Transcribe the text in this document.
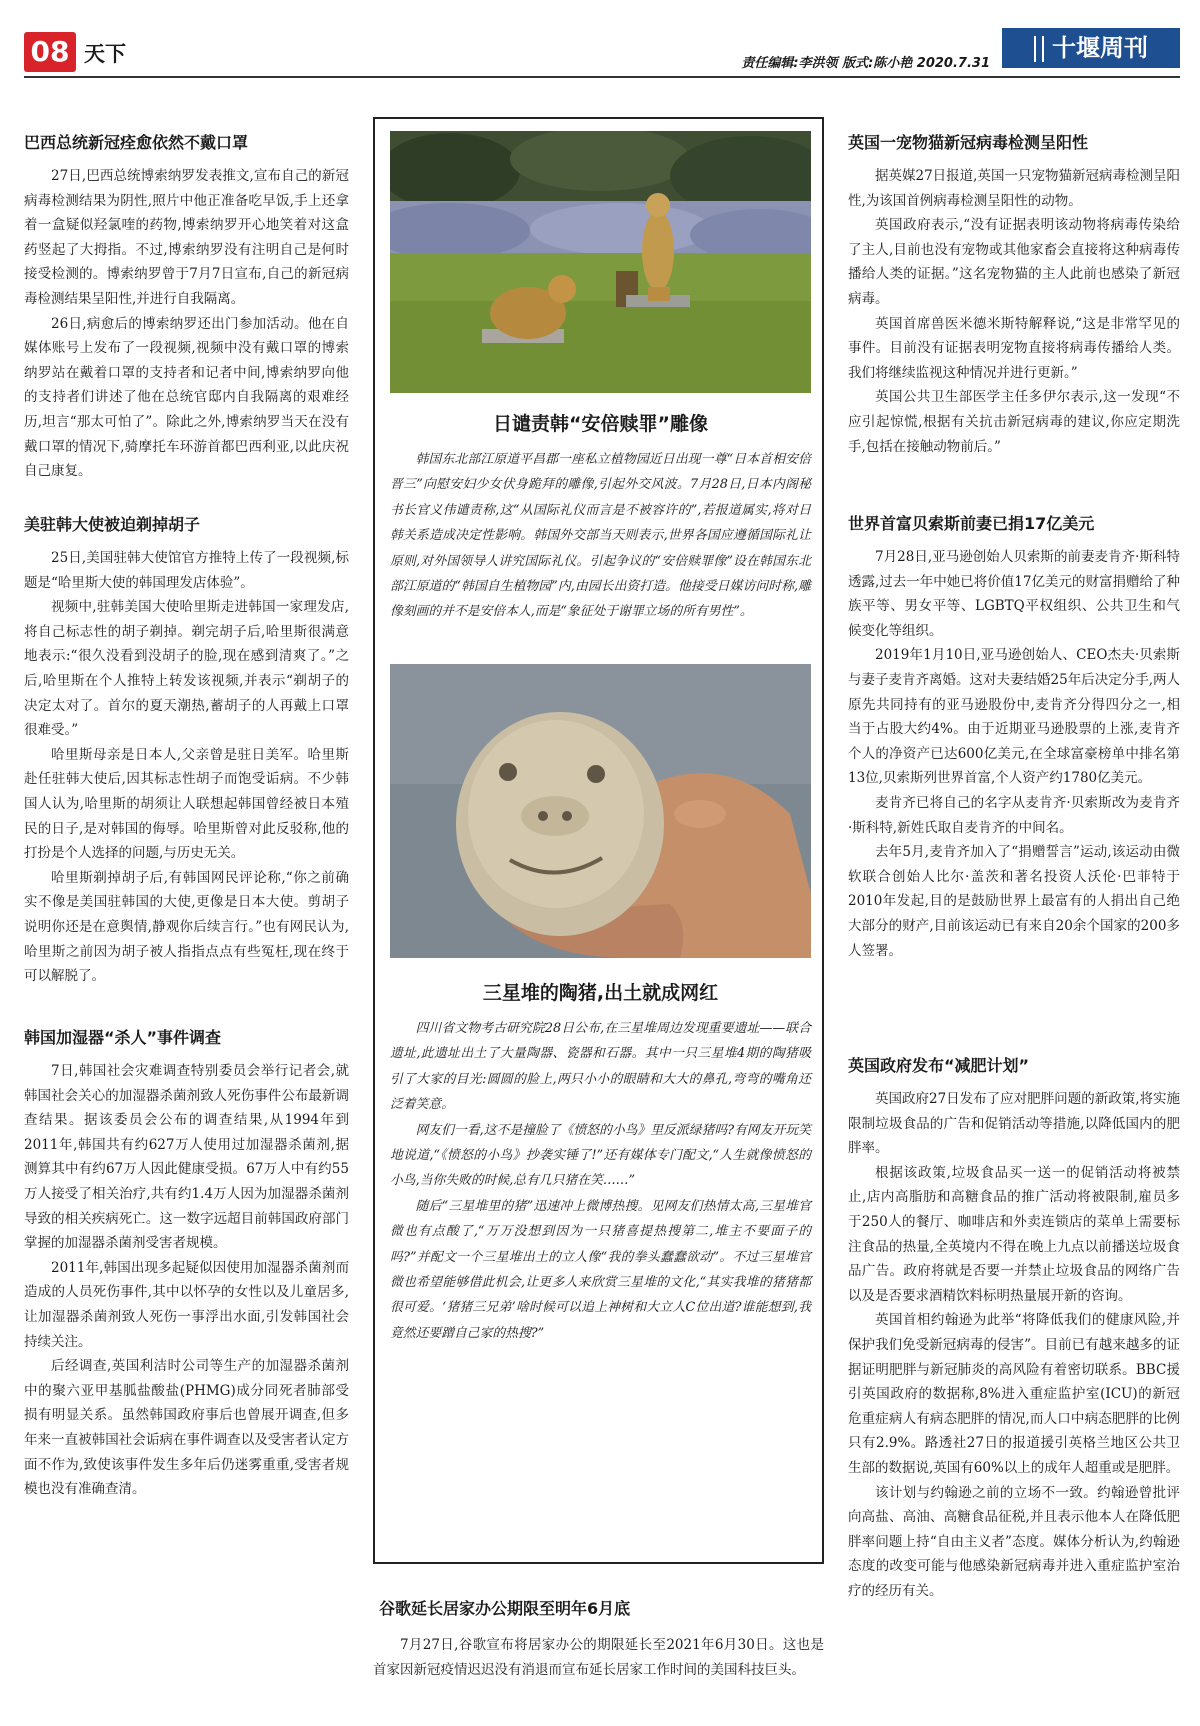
08 天下	责任编辑:李洪领 版式:陈小艳 2020.7.31
十堰周刊
巴西总统新冠痊愈依然不戴口罩

27日,巴西总统博索纳罗发表推文,宣布自己的新冠病毒检测结果为阴性,照片中他正准备吃早饭,手上还拿着一盒疑似羟氯喹的药物,博索纳罗开心地笑着对这盒药竖起了大拇指。不过,博索纳罗没有注明自己是何时接受检测的。博索纳罗曾于7月7日宣布,自己的新冠病毒检测结果呈阳性,并进行自我隔离。

26日,病愈后的博索纳罗还出门参加活动。他在自媒体账号上发布了一段视频,视频中没有戴口罩的博索纳罗站在戴着口罩的支持者和记者中间,博索纳罗向他的支持者们讲述了他在总统官邸内自我隔离的艰难经历,坦言“那太可怕了”。除此之外,博索纳罗当天在没有戴口罩的情况下,骑摩托车环游首都巴西利亚,以此庆祝自己康复。

美驻韩大使被迫剃掉胡子

25日,美国驻韩大使馆官方推特上传了一段视频,标题是“哈里斯大使的韩国理发店体验”。

视频中,驻韩美国大使哈里斯走进韩国一家理发店,将自己标志性的胡子剃掉。剃完胡子后,哈里斯很满意地表示:“很久没看到没胡子的脸,现在感到清爽了。”之后,哈里斯在个人推特上转发该视频,并表示“剃胡子的决定太对了。首尔的夏天潮热,蓄胡子的人再戴上口罩很难受。”

哈里斯母亲是日本人,父亲曾是驻日美军。哈里斯赴任驻韩大使后,因其标志性胡子而饱受诟病。不少韩国人认为,哈里斯的胡须让人联想起韩国曾经被日本殖民的日子,是对韩国的侮辱。哈里斯曾对此反驳称,他的打扮是个人选择的问题,与历史无关。

哈里斯剃掉胡子后,有韩国网民评论称,“你之前确实不像是美国驻韩国的大使,更像是日本大使。剪胡子说明你还是在意舆情,静观你后续言行。”也有网民认为,哈里斯之前因为胡子被人指指点点有些冤枉,现在终于可以解脱了。

韩国加湿器“杀人”事件调查

7日,韩国社会灾难调查特别委员会举行记者会,就韩国社会关心的加湿器杀菌剂致人死伤事件公布最新调查结果。据该委员会公布的调查结果,从1994年到2011年,韩国共有约627万人使用过加湿器杀菌剂,据测算其中有约67万人因此健康受损。67万人中有约55万人接受了相关治疗,共有约1.4万人因为加湿器杀菌剂导致的相关疾病死亡。这一数字远超目前韩国政府部门掌握的加湿器杀菌剂受害者规模。

2011年,韩国出现多起疑似因使用加湿器杀菌剂而造成的人员死伤事件,其中以怀孕的女性以及儿童居多,让加湿器杀菌剂致人死伤一事浮出水面,引发韩国社会持续关注。

后经调查,英国利洁时公司等生产的加湿器杀菌剂中的聚六亚甲基胍盐酸盐(PHMG)成分同死者肺部受损有明显关系。虽然韩国政府事后也曾展开调查,但多年来一直被韩国社会诟病在事件调查以及受害者认定方面不作为,致使该事件发生多年后仍迷雾重重,受害者规模也没有准确查清。

日谴责韩“安倍赎罪”雕像

韩国东北部江原道平昌郡一座私立植物园近日出现一尊“日本首相安倍晋三”向慰安妇少女伏身跪拜的雕像,引起外交风波。7月28日,日本内阁秘书长官义伟谴责称,这“从国际礼仪而言是不被容许的”,若报道属实,将对日韩关系造成决定性影响。韩国外交部当天则表示,世界各国应遵循国际礼让原则,对外国领导人讲究国际礼仪。引起争议的“安倍赎罪像”设在韩国东北部江原道的“韩国自生植物园”内,由园长出资打造。他接受日媒访问时称,雕像刻画的并不是安倍本人,而是“象征处于谢罪立场的所有男性”。

三星堆的陶猪,出土就成网红

四川省文物考古研究院28日公布,在三星堆周边发现重要遗址——联合遗址,此遗址出土了大量陶器、瓷器和石器。其中一只三星堆4期的陶猪吸引了大家的目光:圆圆的脸上,两只小小的眼睛和大大的鼻孔,弯弯的嘴角还泛着笑意。

网友们一看,这不是撞脸了《愤怒的小鸟》里反派绿猪吗?有网友开玩笑地说道,“《愤怒的小鸟》抄袭实锤了!”还有媒体专门配文,“人生就像愤怒的小鸟,当你失败的时候,总有几只猪在笑……”

随后“三星堆里的猪”迅速冲上微博热搜。见网友们热情太高,三星堆官微也有点酸了,“万万没想到因为一只猪喜提热搜第二,堆主不要面子的吗?”并配文一个三星堆出土的立人像“我的拳头蠢蠢欲动”。不过三星堆官微也希望能够借此机会,让更多人来欣赏三星堆的文化,“其实我堆的猪猪都很可爱。‘猪猪三兄弟’啥时候可以追上神树和大立人C位出道?谁能想到,我竟然还要蹭自己家的热搜?”

谷歌延长居家办公期限至明年6月底

7月27日,谷歌宣布将居家办公的期限延长至2021年6月30日。这也是首家因新冠疫情迟迟没有消退而宣布延长居家工作时间的美国科技巨头。

英国一宠物猫新冠病毒检测呈阳性

据英媒27日报道,英国一只宠物猫新冠病毒检测呈阳性,为该国首例病毒检测呈阳性的动物。

英国政府表示,“没有证据表明该动物将病毒传染给了主人,目前也没有宠物或其他家畜会直接将这种病毒传播给人类的证据。”这名宠物猫的主人此前也感染了新冠病毒。

英国首席兽医米德米斯特解释说,“这是非常罕见的事件。目前没有证据表明宠物直接将病毒传播给人类。我们将继续监视这种情况并进行更新。”

英国公共卫生部医学主任多伊尔表示,这一发现“不应引起惊慌,根据有关抗击新冠病毒的建议,你应定期洗手,包括在接触动物前后。”

世界首富贝索斯前妻已捐17亿美元

7月28日,亚马逊创始人贝索斯的前妻麦肯齐·斯科特透露,过去一年中她已将价值17亿美元的财富捐赠给了种族平等、男女平等、LGBTQ平权组织、公共卫生和气候变化等组织。

2019年1月10日,亚马逊创始人、CEO杰夫·贝索斯与妻子麦肯齐离婚。这对夫妻结婚25年后决定分手,两人原先共同持有的亚马逊股份中,麦肯齐分得四分之一,相当于占股大约4%。由于近期亚马逊股票的上涨,麦肯齐个人的净资产已达600亿美元,在全球富豪榜单中排名第13位,贝索斯列世界首富,个人资产约1780亿美元。

麦肯齐已将自己的名字从麦肯齐·贝索斯改为麦肯齐·斯科特,新姓氏取自麦肯齐的中间名。

去年5月,麦肯齐加入了“捐赠誓言”运动,该运动由微软联合创始人比尔·盖茨和著名投资人沃伦·巴菲特于2010年发起,目的是鼓励世界上最富有的人捐出自己绝大部分的财产,目前该运动已有来自20余个国家的200多人签署。

英国政府发布“减肥计划”

英国政府27日发布了应对肥胖问题的新政策,将实施限制垃圾食品的广告和促销活动等措施,以降低国内的肥胖率。

根据该政策,垃圾食品买一送一的促销活动将被禁止,店内高脂肪和高糖食品的推广活动将被限制,雇员多于250人的餐厅、咖啡店和外卖连锁店的菜单上需要标注食品的热量,全英境内不得在晚上九点以前播送垃圾食品广告。政府将就是否要一并禁止垃圾食品的网络广告以及是否要求酒精饮料标明热量展开新的咨询。

英国首相约翰逊为此举“将降低我们的健康风险,并保护我们免受新冠病毒的侵害”。目前已有越来越多的证据证明肥胖与新冠肺炎的高风险有着密切联系。BBC援引英国政府的数据称,8%进入重症监护室(ICU)的新冠危重症病人有病态肥胖的情况,而人口中病态肥胖的比例只有2.9%。路透社27日的报道援引英格兰地区公共卫生部的数据说,英国有60%以上的成年人超重或是肥胖。

该计划与约翰逊之前的立场不一致。约翰逊曾批评向高盐、高油、高糖食品征税,并且表示他本人在降低肥胖率问题上持“自由主义者”态度。媒体分析认为,约翰逊态度的改变可能与他感染新冠病毒并进入重症监护室治疗的经历有关。
